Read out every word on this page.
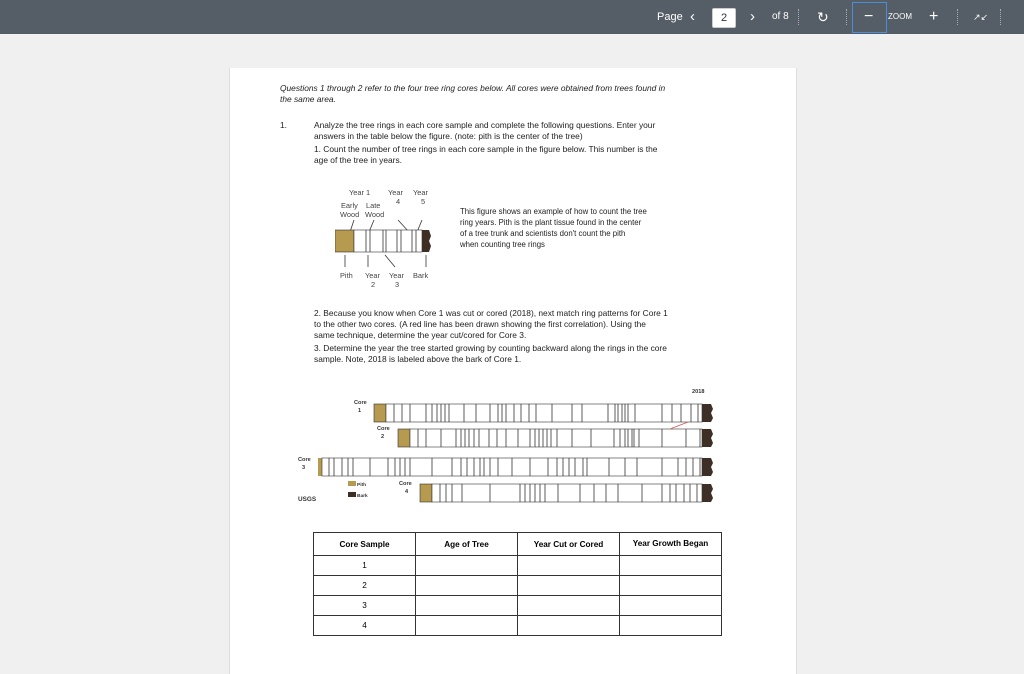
Page ‹	2	› of 8 ↻ − ZOOM +	↗↙
Questions 1 through 2 refer to the four tree ring cores below. All cores were obtained from trees found in
the same area.
1.	Analyze the tree rings in each core sample and complete the following questions. Enter your
answers in the table below the figure. (note: pith is the center of the tree)
1. Count the number of tree rings in each core sample in the figure below. This number is the
age of the tree in years.
Year 1 Year Year
Early Late 4	5
Wood Wood
Pith Year
2
Year
3
Bark
This figure shows an example of how to count the tree
ring years. Pith is the plant tissue found in the center
of a tree trunk and scientists don't count the pith
when counting tree rings
2. Because you know when Core 1 was cut or cored (2018), next match ring patterns for Core 1
to the other two cores. (A red line has been drawn showing the first correlation). Using the
same technique, determine the year cut/cored for Core 3.
3. Determine the year the tree started growing by counting backward along the rings in the core
sample. Note, 2018 is labeled above the bark of Core 1.
2018
Core
1
Core
2
Core
3
Core
4
Pith
Bark
USGS
Core Sample	Age of Tree	Year Cut or Cored	Year Growth Began
1			
2			
3			
4			
